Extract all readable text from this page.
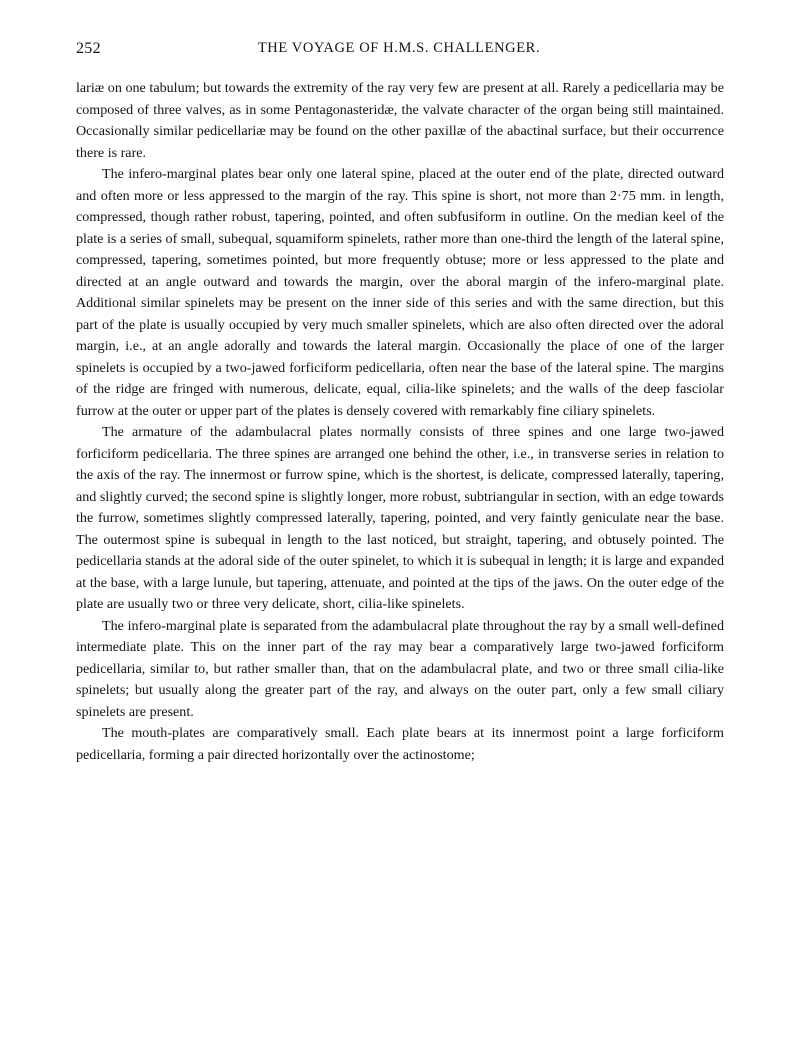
252	THE VOYAGE OF H.M.S. CHALLENGER.

lariæ on one tabulum; but towards the extremity of the ray very few are present at all. Rarely a pedicellaria may be composed of three valves, as in some Pentagonasteridæ, the valvate character of the organ being still maintained. Occasionally similar pedicellariæ may be found on the other paxillæ of the abactinal surface, but their occurrence there is rare.

The infero-marginal plates bear only one lateral spine, placed at the outer end of the plate, directed outward and often more or less appressed to the margin of the ray. This spine is short, not more than 2·75 mm. in length, compressed, though rather robust, tapering, pointed, and often subfusiform in outline. On the median keel of the plate is a series of small, subequal, squamiform spinelets, rather more than one-third the length of the lateral spine, compressed, tapering, sometimes pointed, but more frequently obtuse; more or less appressed to the plate and directed at an angle outward and towards the margin, over the aboral margin of the infero-marginal plate. Additional similar spinelets may be present on the inner side of this series and with the same direction, but this part of the plate is usually occupied by very much smaller spinelets, which are also often directed over the adoral margin, i.e., at an angle adorally and towards the lateral margin. Occasionally the place of one of the larger spinelets is occupied by a two-jawed forficiform pedicellaria, often near the base of the lateral spine. The margins of the ridge are fringed with numerous, delicate, equal, cilia-like spinelets; and the walls of the deep fasciolar furrow at the outer or upper part of the plates is densely covered with remarkably fine ciliary spinelets.

The armature of the adambulacral plates normally consists of three spines and one large two-jawed forficiform pedicellaria. The three spines are arranged one behind the other, i.e., in transverse series in relation to the axis of the ray. The innermost or furrow spine, which is the shortest, is delicate, compressed laterally, tapering, and slightly curved; the second spine is slightly longer, more robust, subtriangular in section, with an edge towards the furrow, sometimes slightly compressed laterally, tapering, pointed, and very faintly geniculate near the base. The outermost spine is subequal in length to the last noticed, but straight, tapering, and obtusely pointed. The pedicellaria stands at the adoral side of the outer spinelet, to which it is subequal in length; it is large and expanded at the base, with a large lunule, but tapering, attenuate, and pointed at the tips of the jaws. On the outer edge of the plate are usually two or three very delicate, short, cilia-like spinelets.

The infero-marginal plate is separated from the adambulacral plate throughout the ray by a small well-defined intermediate plate. This on the inner part of the ray may bear a comparatively large two-jawed forficiform pedicellaria, similar to, but rather smaller than, that on the adambulacral plate, and two or three small cilia-like spinelets; but usually along the greater part of the ray, and always on the outer part, only a few small ciliary spinelets are present.

The mouth-plates are comparatively small. Each plate bears at its innermost point a large forficiform pedicellaria, forming a pair directed horizontally over the actinostome;
